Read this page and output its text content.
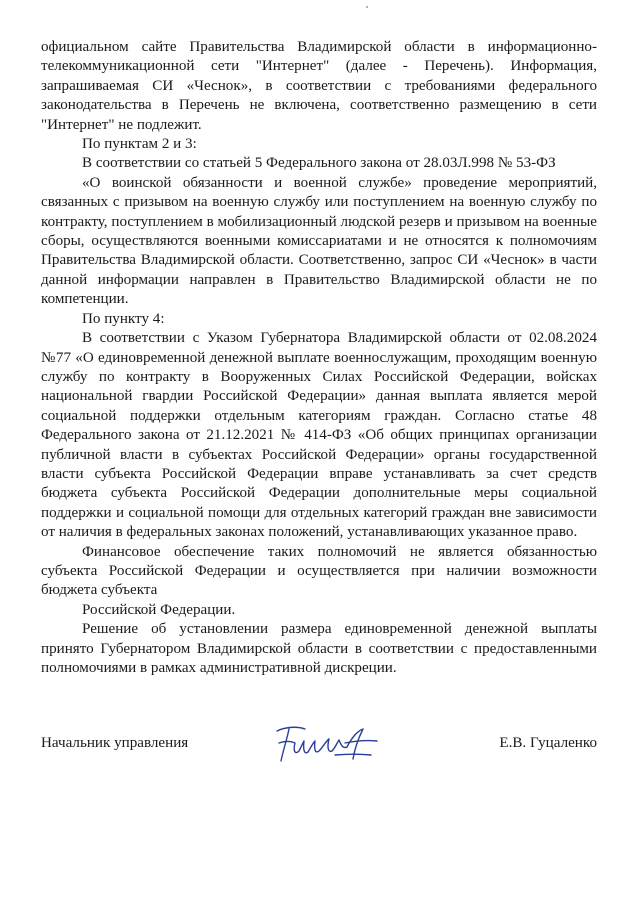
официальном сайте Правительства Владимирской области в информационно-телекоммуникационной сети "Интернет" (далее - Перечень). Информация, запрашиваемая СИ «Чеснок», в соответствии с требованиями федерального законодательства в Перечень не включена, соответственно размещению в сети "Интернет" не подлежит.

По пунктам 2 и 3:

В соответствии со статьей 5 Федерального закона от 28.03Л.998 № 53-ФЗ

«О воинской обязанности и военной службе» проведение мероприятий, связанных с призывом на военную службу или поступлением на военную службу по контракту, поступлением в мобилизационный людской резерв и призывом на военные сборы, осуществляются военными комиссариатами и не относятся к полномочиям Правительства Владимирской области. Соответственно, запрос СИ «Чеснок» в части данной информации направлен в Правительство Владимирской области не по компетенции.

По пункту 4:

В соответствии с Указом Губернатора Владимирской области от 02.08.2024 №77 «О единовременной денежной выплате военнослужащим, проходящим военную службу по контракту в Вооруженных Силах Российской Федерации, войсках национальной гвардии Российской Федерации» данная выплата является мерой социальной поддержки отдельным категориям граждан. Согласно статье 48 Федерального закона от 21.12.2021 № 414-ФЗ «Об общих принципах организации публичной власти в субъектах Российской Федерации» органы государственной власти субъекта Российской Федерации вправе устанавливать за счет средств бюджета субъекта Российской Федерации дополнительные меры социальной поддержки и социальной помощи для отдельных категорий граждан вне зависимости от наличия в федеральных законах положений, устанавливающих указанное право.

Финансовое обеспечение таких полномочий не является обязанностью субъекта Российской Федерации и осуществляется при наличии возможности бюджета субъекта

Российской Федерации.

Решение об установлении размера единовременной денежной выплаты принято Губернатором Владимирской области в соответствии с предоставленными полномочиями в рамках административной дискреции.

Начальник управления	Е.В. Гуцаленко
